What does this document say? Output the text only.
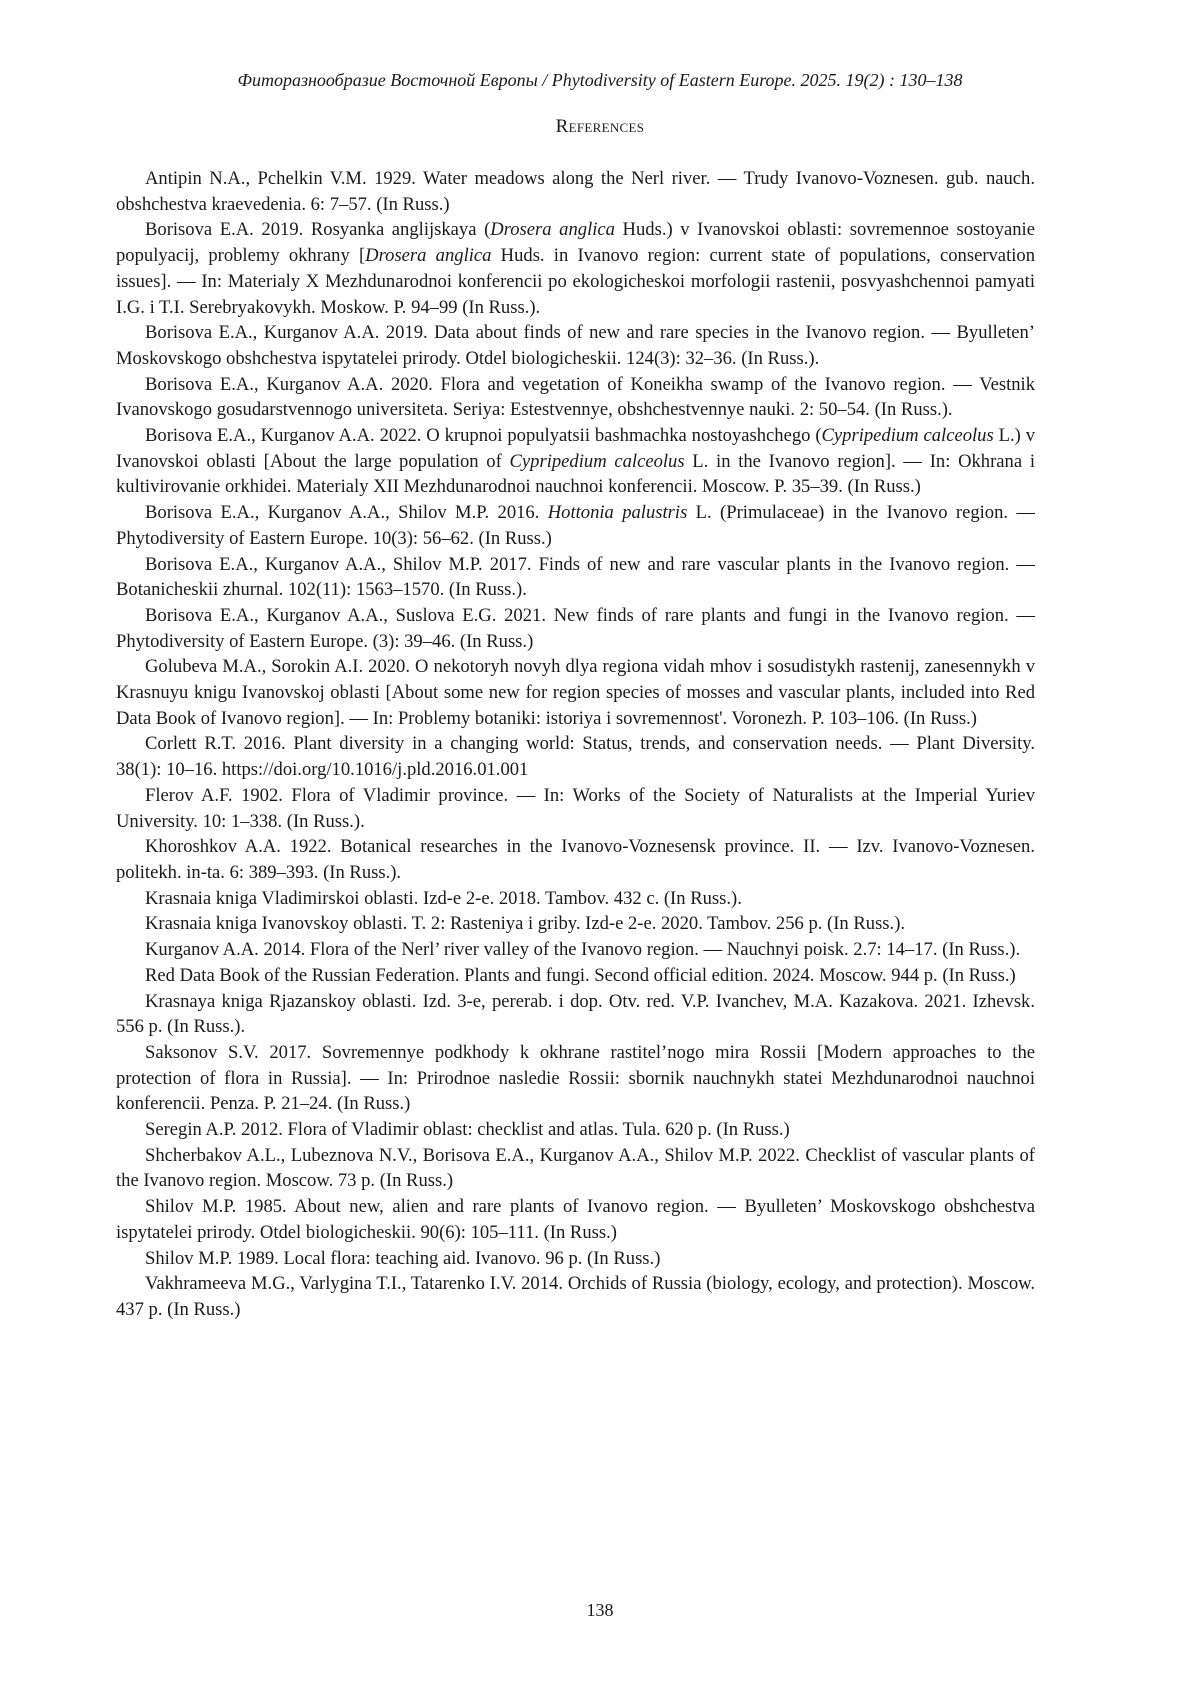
Фиторазнообразие Восточной Европы / Phytodiversity of Eastern Europe. 2025. 19(2) : 130–138
References
Antipin N.A., Pchelkin V.M. 1929. Water meadows along the Nerl river. — Trudy Ivanovo-Voznesen. gub. nauch. obshchestva kraevedenia. 6: 7–57. (In Russ.)
Borisova E.A. 2019. Rosyanka anglijskaya (Drosera anglica Huds.) v Ivanovskoi oblasti: sovremennoe sostoyanie populyacij, problemy okhrany [Drosera anglica Huds. in Ivanovo region: current state of populations, conservation issues]. — In: Materialy X Mezhdunarodnoi konferencii po ekologicheskoi morfologii rastenii, posvyashchennoi pamyati I.G. i T.I. Serebryakovykh. Moskow. P. 94–99 (In Russ.).
Borisova E.A., Kurganov A.A. 2019. Data about finds of new and rare species in the Ivanovo region. — Byulleten’ Moskovskogo obshchestva ispytatelei prirody. Otdel biologicheskii. 124(3): 32–36. (In Russ.).
Borisova E.A., Kurganov A.A. 2020. Flora and vegetation of Koneikha swamp of the Ivanovo region. — Vestnik Ivanovskogo gosudarstvennogo universiteta. Seriya: Estestvennye, obshchestvennye nauki. 2: 50–54. (In Russ.).
Borisova E.A., Kurganov A.A. 2022. O krupnoi populyatsii bashmachka nostoyashchego (Cypripedium calceolus L.) v Ivanovskoi oblasti [About the large population of Cypripedium calceolus L. in the Ivanovo region]. — In: Okhrana i kultivirovanie orkhidei. Materialy XII Mezhdunarodnoi nauchnoi konferencii. Moscow. P. 35–39. (In Russ.)
Borisova E.A., Kurganov A.A., Shilov M.P. 2016. Hottonia palustris L. (Primulaceae) in the Ivanovo region. — Phytodiversity of Eastern Europe. 10(3): 56–62. (In Russ.)
Borisova E.A., Kurganov A.A., Shilov M.P. 2017. Finds of new and rare vascular plants in the Ivanovo region. — Botanicheskii zhurnal. 102(11): 1563–1570. (In Russ.).
Borisova E.A., Kurganov A.A., Suslova E.G. 2021. New finds of rare plants and fungi in the Ivanovo region. — Phytodiversity of Eastern Europe. (3): 39–46. (In Russ.)
Golubeva M.A., Sorokin A.I. 2020. O nekotoryh novyh dlya regiona vidah mhov i sosudistykh rastenij, zanesennykh v Krasnuyu knigu Ivanovskoj oblasti [About some new for region species of mosses and vascular plants, included into Red Data Book of Ivanovo region]. — In: Problemy botaniki: istoriya i sovremennost'. Voronezh. P. 103–106. (In Russ.)
Corlett R.T. 2016. Plant diversity in a changing world: Status, trends, and conservation needs. — Plant Diversity. 38(1): 10–16. https://doi.org/10.1016/j.pld.2016.01.001
Flerov A.F. 1902. Flora of Vladimir province. — In: Works of the Society of Naturalists at the Imperial Yuriev University. 10: 1–338. (In Russ.).
Khoroshkov A.A. 1922. Botanical researches in the Ivanovo-Voznesensk province. II. — Izv. Ivanovo-Voznesen. politekh. in-ta. 6: 389–393. (In Russ.).
Krasnaia kniga Vladimirskoi oblasti. Izd-e 2-e. 2018. Tambov. 432 c. (In Russ.).
Krasnaia kniga Ivanovskoy oblasti. T. 2: Rasteniya i griby. Izd-e 2-e. 2020. Tambov. 256 p. (In Russ.).
Kurganov A.A. 2014. Flora of the Nerl’ river valley of the Ivanovo region. — Nauchnyi poisk. 2.7: 14–17. (In Russ.).
Red Data Book of the Russian Federation. Plants and fungi. Second official edition. 2024. Moscow. 944 p. (In Russ.)
Krasnaya kniga Rjazanskoy oblasti. Izd. 3-e, pererab. i dop. Otv. red. V.P. Ivanchev, M.A. Kazakova. 2021. Izhevsk. 556 p. (In Russ.).
Saksonov S.V. 2017. Sovremennye podkhody k okhrane rastitel’nogo mira Rossii [Modern approaches to the protection of flora in Russia]. — In: Prirodnoe nasledie Rossii: sbornik nauchnykh statei Mezhdunarodnoi nauchnoi konferencii. Penza. P. 21–24. (In Russ.)
Seregin A.P. 2012. Flora of Vladimir oblast: checklist and atlas. Tula. 620 p. (In Russ.)
Shcherbakov A.L., Lubeznova N.V., Borisova E.A., Kurganov A.A., Shilov M.P. 2022. Checklist of vascular plants of the Ivanovo region. Moscow. 73 p. (In Russ.)
Shilov M.P. 1985. About new, alien and rare plants of Ivanovo region. — Byulleten’ Moskovskogo obshchestva ispytatelei prirody. Otdel biologicheskii. 90(6): 105–111. (In Russ.)
Shilov M.P. 1989. Local flora: teaching aid. Ivanovo. 96 p. (In Russ.)
Vakhrameeva M.G., Varlygina T.I., Tatarenko I.V. 2014. Orchids of Russia (biology, ecology, and protection). Moscow. 437 p. (In Russ.)
138
